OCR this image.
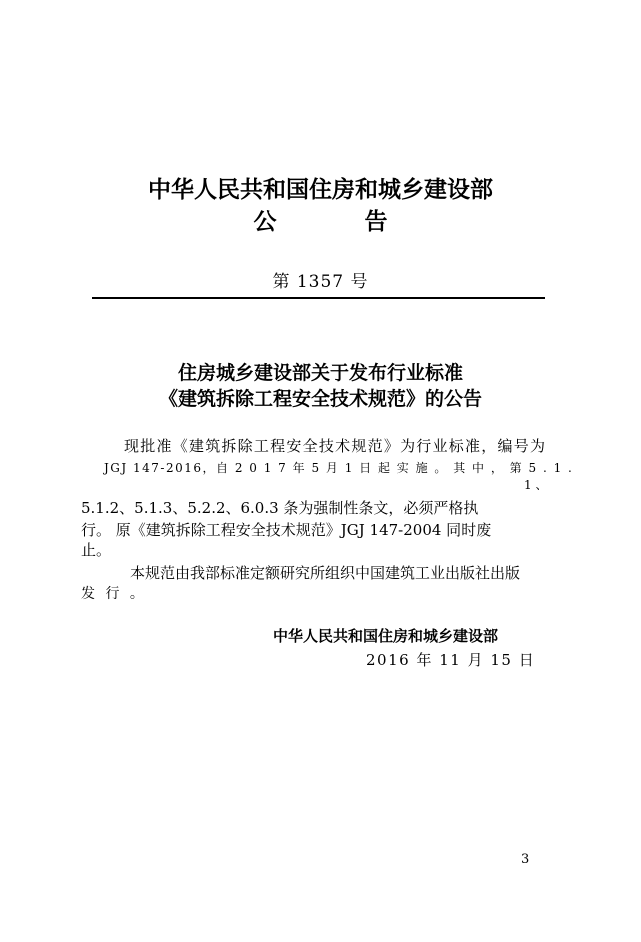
中华人民共和国住房和城乡建设部
公 告
第 1357 号
住房城乡建设部关于发布行业标准
《建筑拆除工程安全技术规范》的公告
现批准《建筑拆除工程安全技术规范》为行业标准，编号为
JGJ 147-2016，自 2 0 1 7 年 5 月 1 日 起 实 施 。 其 中 ， 第 5 . 1 .
1 、
5.1.2、5.1.3、5.2.2、6.0.3 条为强制性条文，必须严格执
行。 原《建筑拆除工程安全技术规范》JGJ 147-2004 同时废
止。
本规范由我部标准定额研究所组织中国建筑工业出版社出版
发 行 。
中华人民共和国住房和城乡建设部
2016 年 11 月 15 日
3
